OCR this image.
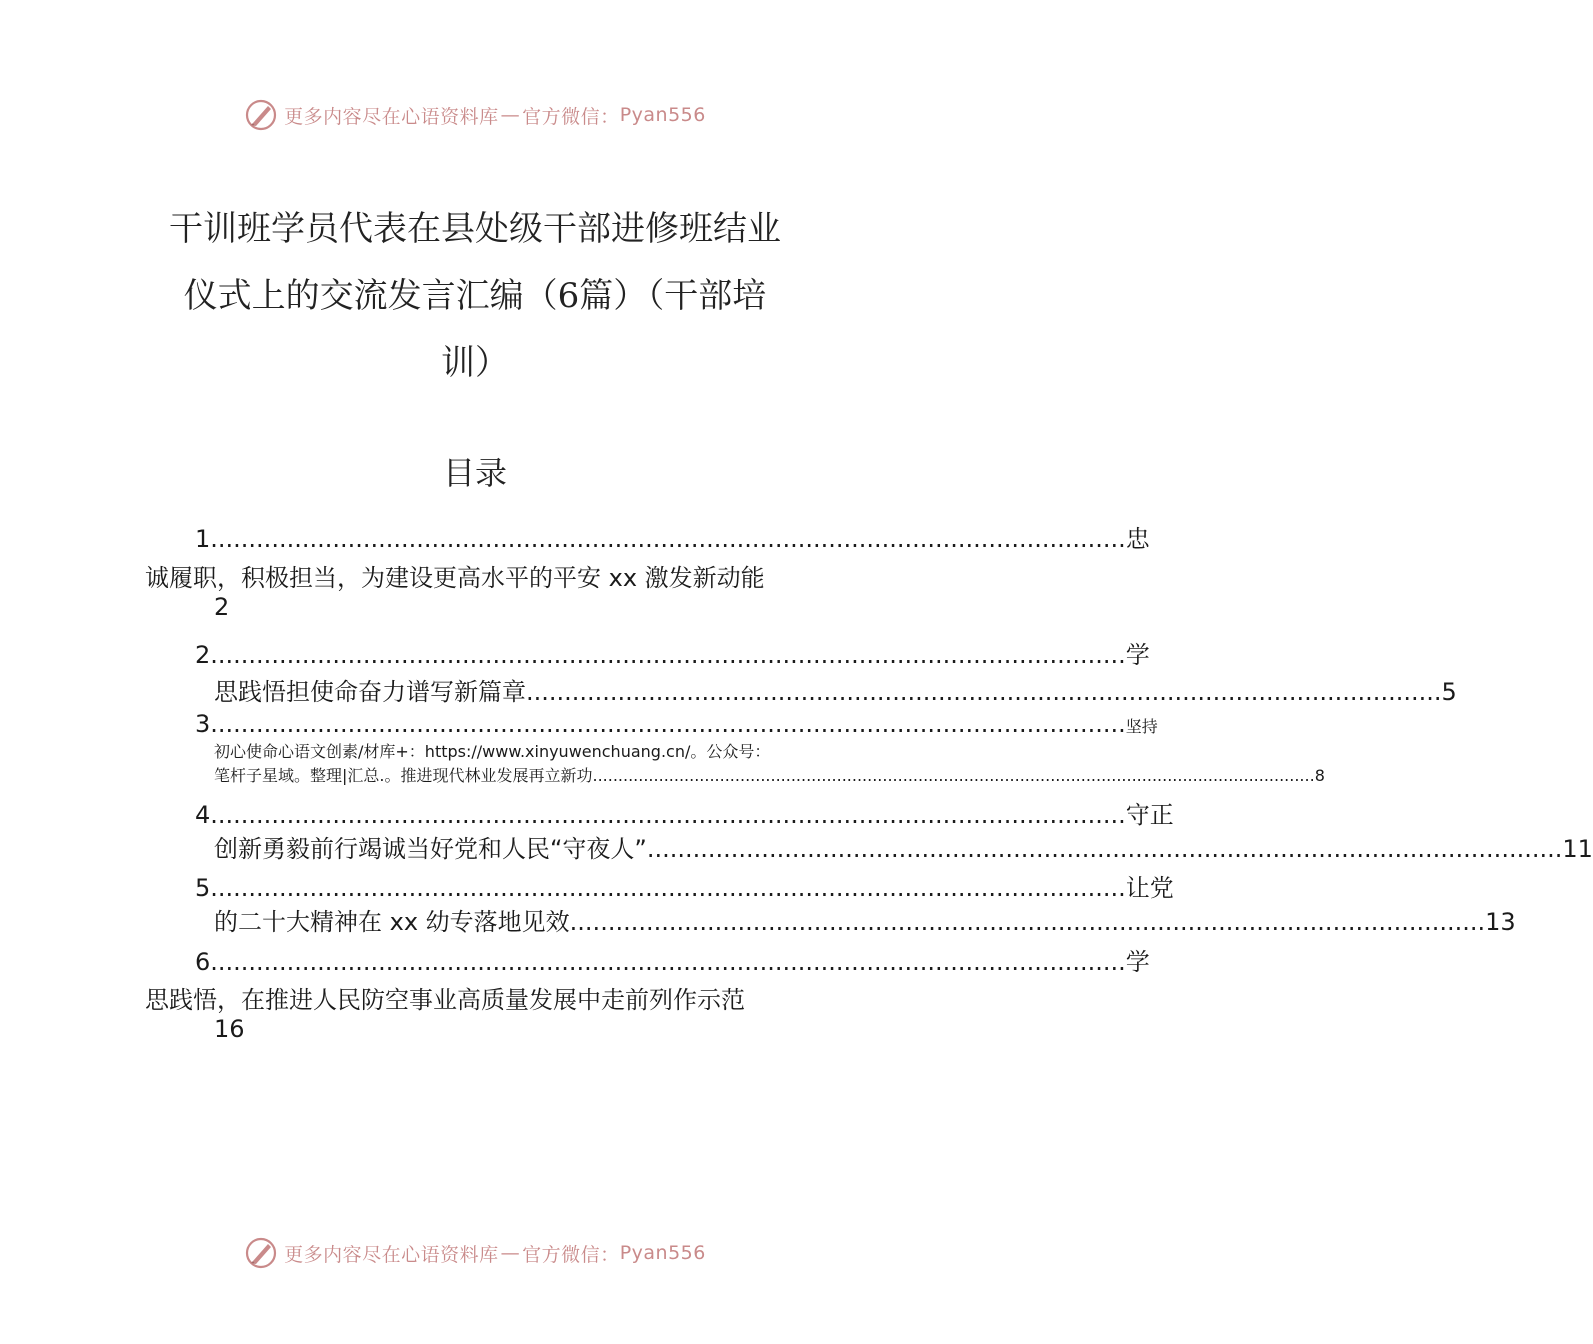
更多内容尽在心语资料库 — 官方微信： Pyan556
干训班学员代表在县处级干部进修班结业
仪式上的交流发言汇编（6篇）（干部培
训）
目录
1 ........................................................................................................................ 忠
诚履职，积极担当，为建设更高水平的平安 xx 激发新动能
2
2 ........................................................................................................................ 学
思践悟担使命奋力谱写新篇章 ........................................................................................................................ 5
3 ........................................................................................................................ 坚持
初心使命心语文创素/材库+：https://www.xinyuwenchuang.cn/。公众号：
笔杆子星域。整理|汇总.。推进现代林业发展再立新功 .............................................................................................................................................. 8
4 ........................................................................................................................ 守正
创新勇毅前行竭诚当好党和人民“守夜人” ........................................................................................................................ 11
5 ........................................................................................................................ 让党
的二十大精神在 xx 幼专落地见效 ........................................................................................................................ 13
6 ........................................................................................................................ 学
思践悟，在推进人民防空事业高质量发展中走前列作示范
16
更多内容尽在心语资料库 — 官方微信： Pyan556
